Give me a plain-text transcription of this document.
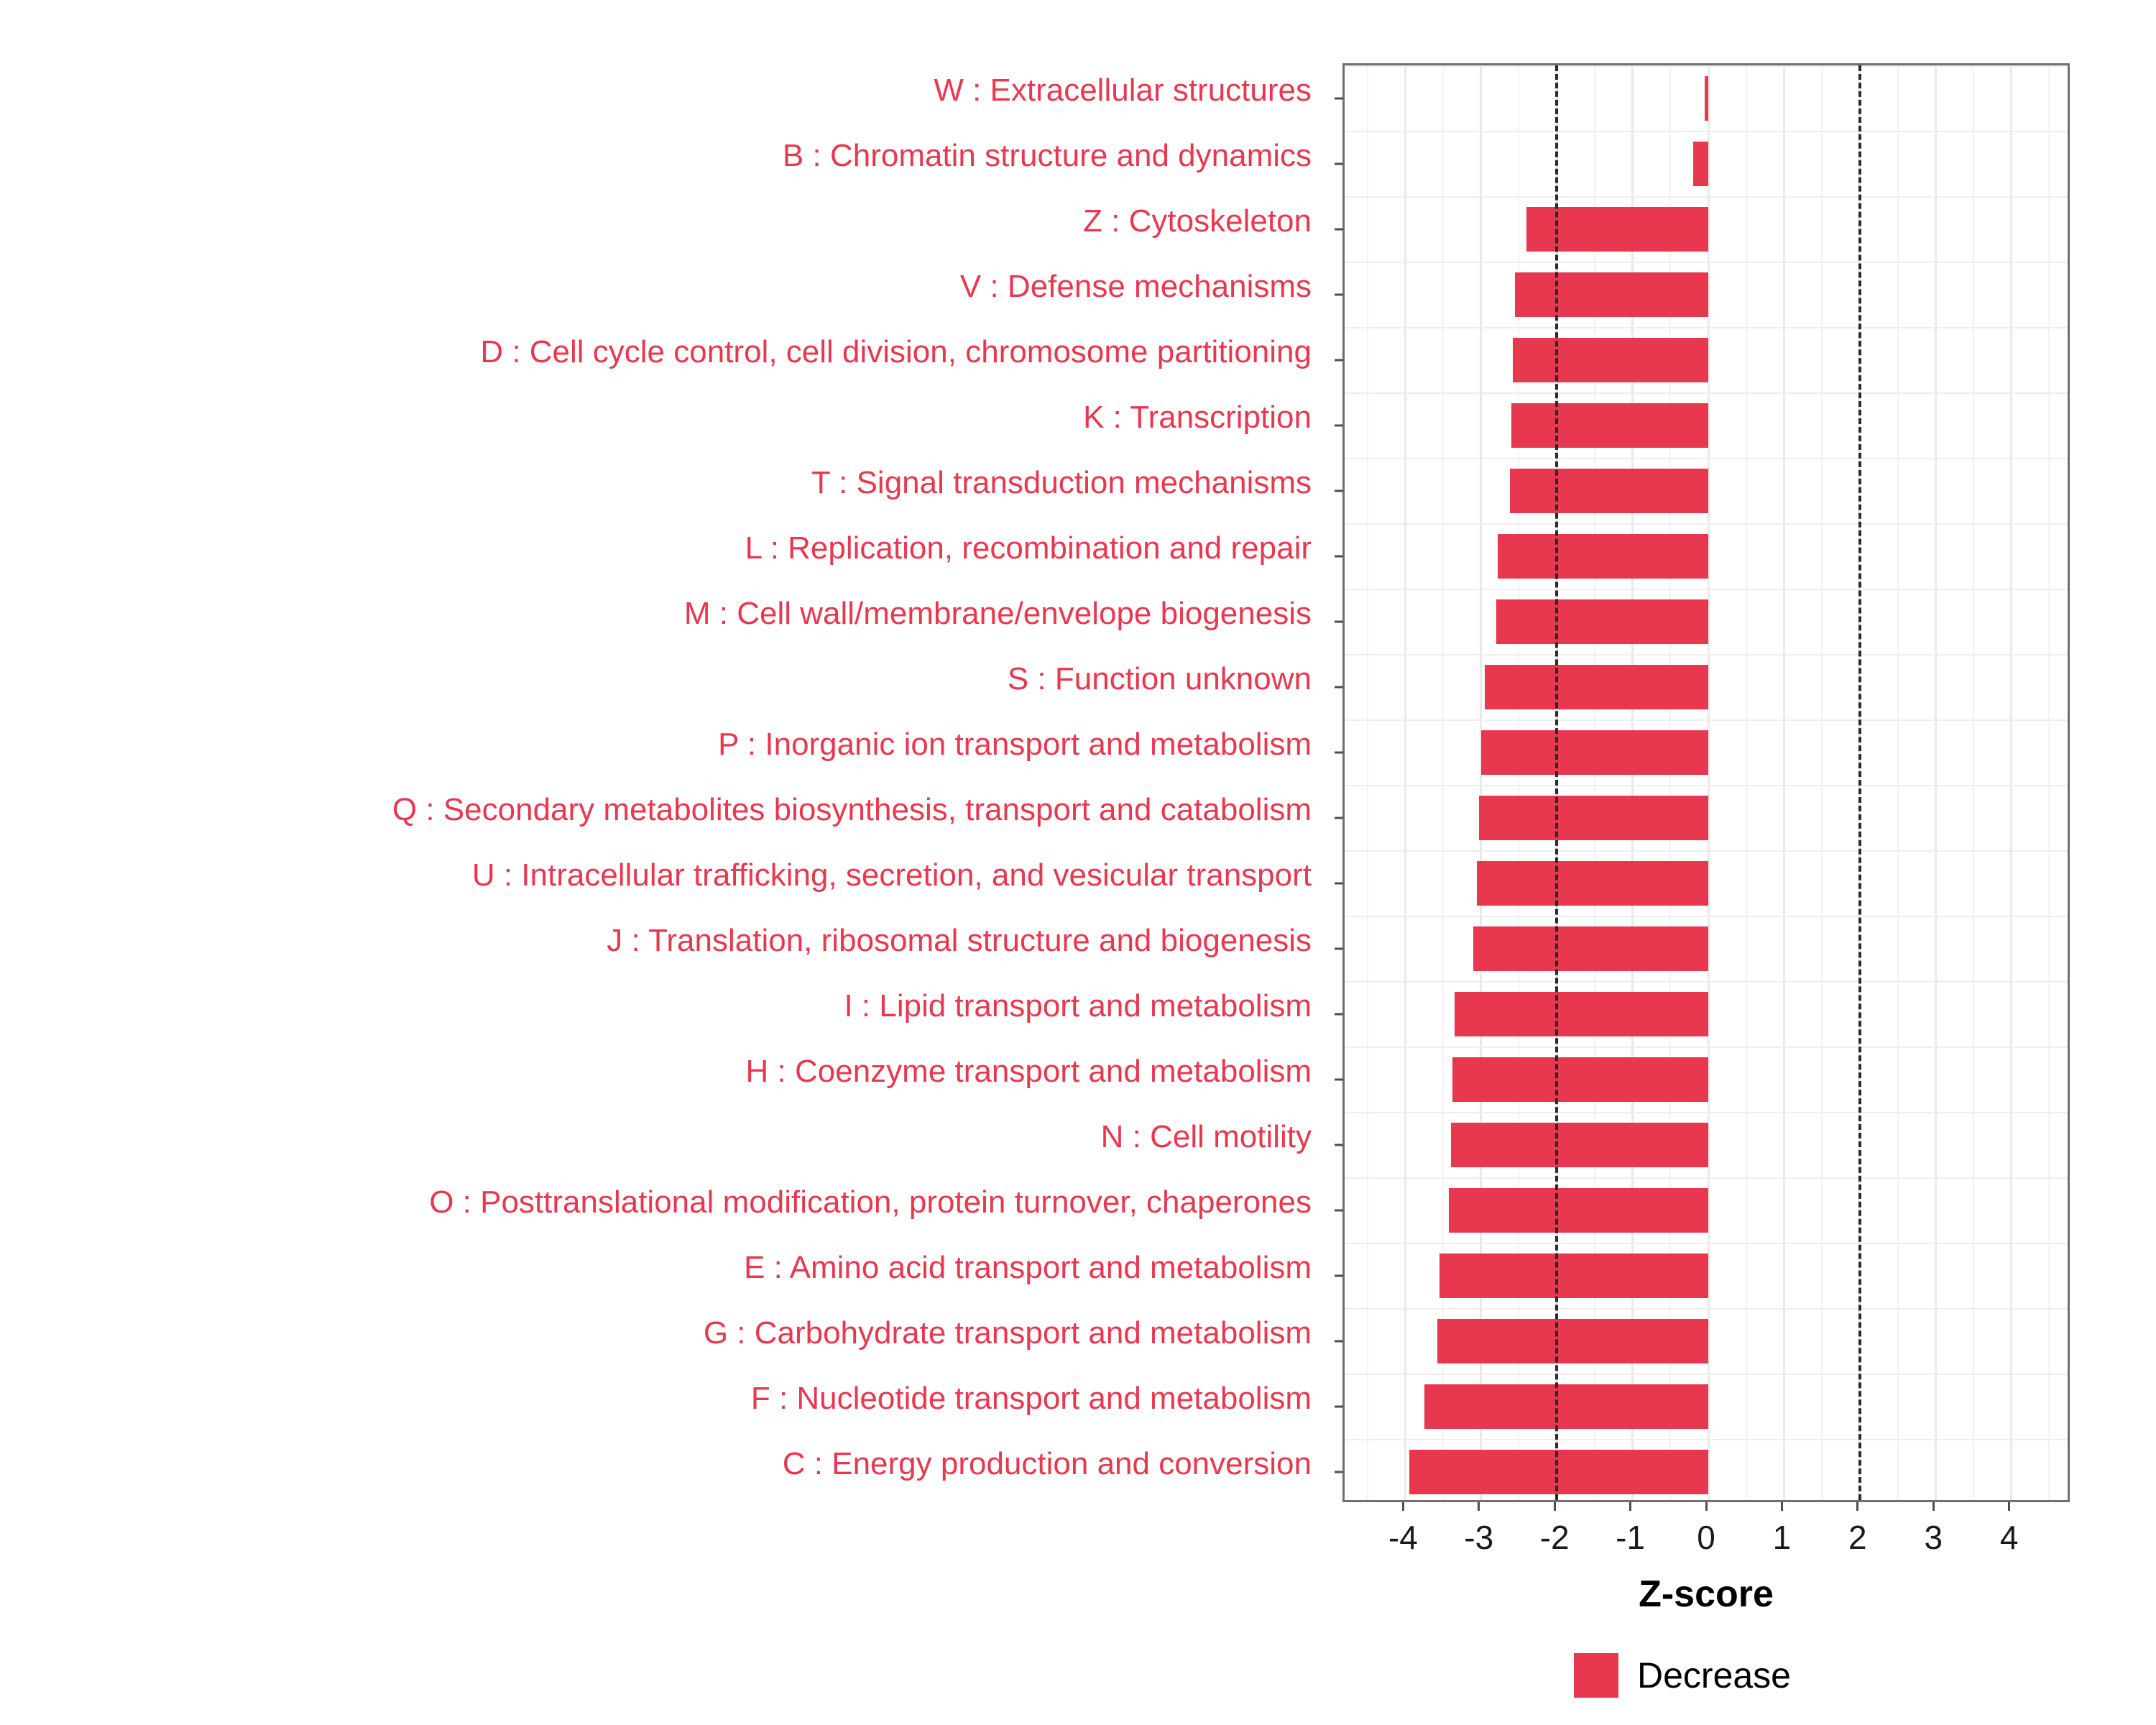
W : Extracellular structures
B : Chromatin structure and dynamics
Z : Cytoskeleton
V : Defense mechanisms
D : Cell cycle control, cell division, chromosome partitioning
K : Transcription
T : Signal transduction mechanisms
L : Replication, recombination and repair
M : Cell wall/membrane/envelope biogenesis
S : Function unknown
P : Inorganic ion transport and metabolism
Q : Secondary metabolites biosynthesis, transport and catabolism
U : Intracellular trafficking, secretion, and vesicular transport
J : Translation, ribosomal structure and biogenesis
I : Lipid transport and metabolism
H : Coenzyme transport and metabolism
N : Cell motility
O : Posttranslational modification, protein turnover, chaperones
E : Amino acid transport and metabolism
G : Carbohydrate transport and metabolism
F : Nucleotide transport and metabolism
C : Energy production and conversion
Z-score
Decrease
-4 -3 -2 -1 0 1 2 3 4
